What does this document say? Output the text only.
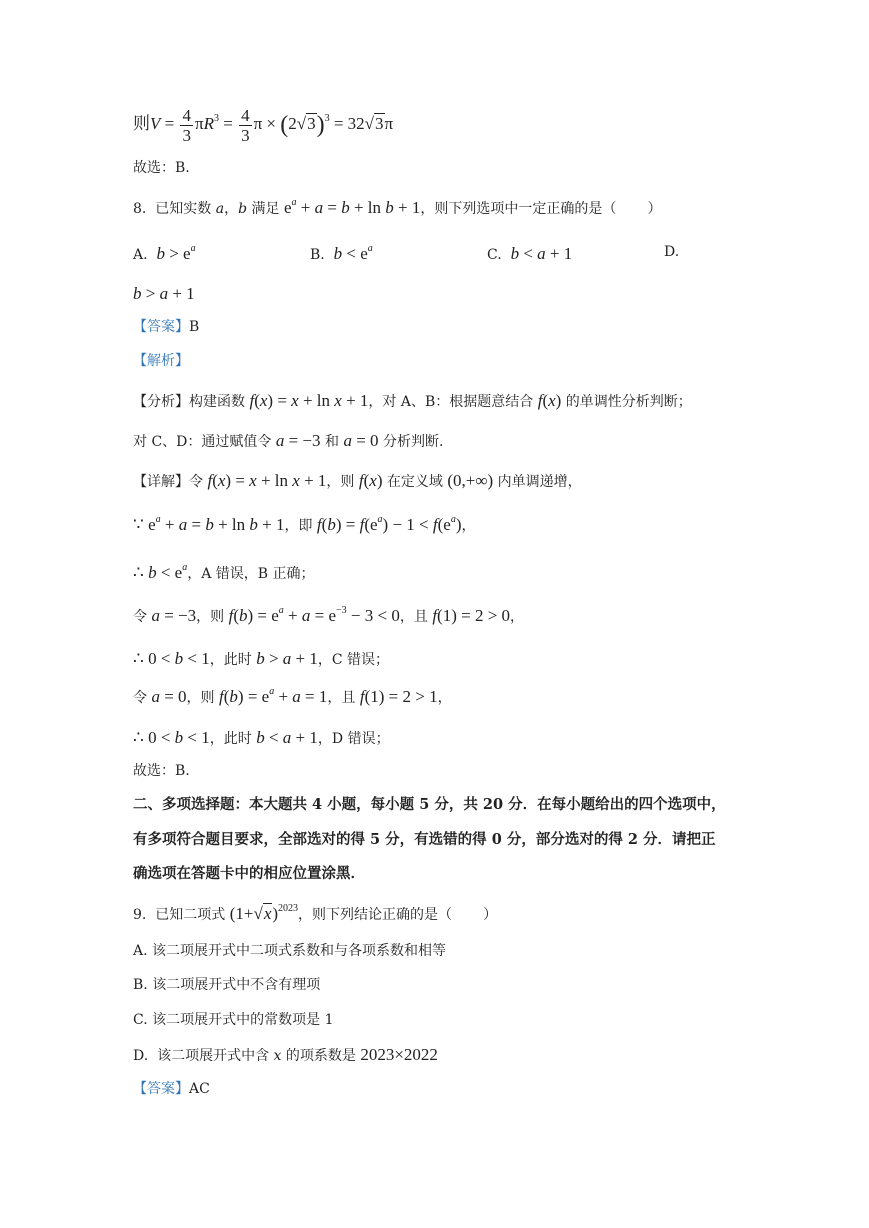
则$V = \frac{4}{3} \pi R^3 = \frac{4}{3}$ $\pi \times (2√3)^3 = 32√3\pi$
故选：B.
8.  已知实数 a，b 满足 $e^a + a = b + \ln b + 1$，则下列选项中一定正确的是（       ）
A.  $b > e^a$	B.  $b < e^a$	C.  b < a + 1	D.
b > a + 1
【答案】B
【解析】
【分析】构建函数 f(x) = x + ln x + 1，对 A、B：根据题意结合 f(x) 的单调性分析判断；
对 C、D：通过赋值令 a = −3 和 a = 0 分析判断.
【详解】令 f(x) = x + ln x + 1，则 f(x) 在定义域 (0,+∞) 内单调递增，
∵ $e^a + a = b + \ln b + 1$，即 $f(b) = f(e^a) - 1 < f(e^a)$，
∴ $b < e^a$，A 错误，B 正确；
令 a = −3，则 $f(b) = e^a + a = e^{-3} - 3 < 0$，且 f(1) = 2 > 0，
∴ 0 < b < 1，此时 b > a + 1，C 错误；
令 a = 0，则 $f(b) = e^a + a = 1$，且 f(1) = 2 > 1，
∴ 0 < b < 1，此时 b < a + 1，D 错误；
故选：B.
二、多项选择题：本大题共 4 小题，每小题 5 分，共 20 分．在每小题给出的四个选项中，
有多项符合题目要求，全部选对的得 5 分，有选错的得 0 分，部分选对的得 2 分．请把正
确选项在答题卡中的相应位置涂黑．
9.  已知二项式 $(1+√x)^{2023}$，则下列结论正确的是（       ）
A. 该二项展开式中二项式系数和与各项系数和相等
B. 该二项展开式中不含有理项
C. 该二项展开式中的常数项是 1
D.  该二项展开式中含 x 的项系数是 2023×2022
【答案】AC
